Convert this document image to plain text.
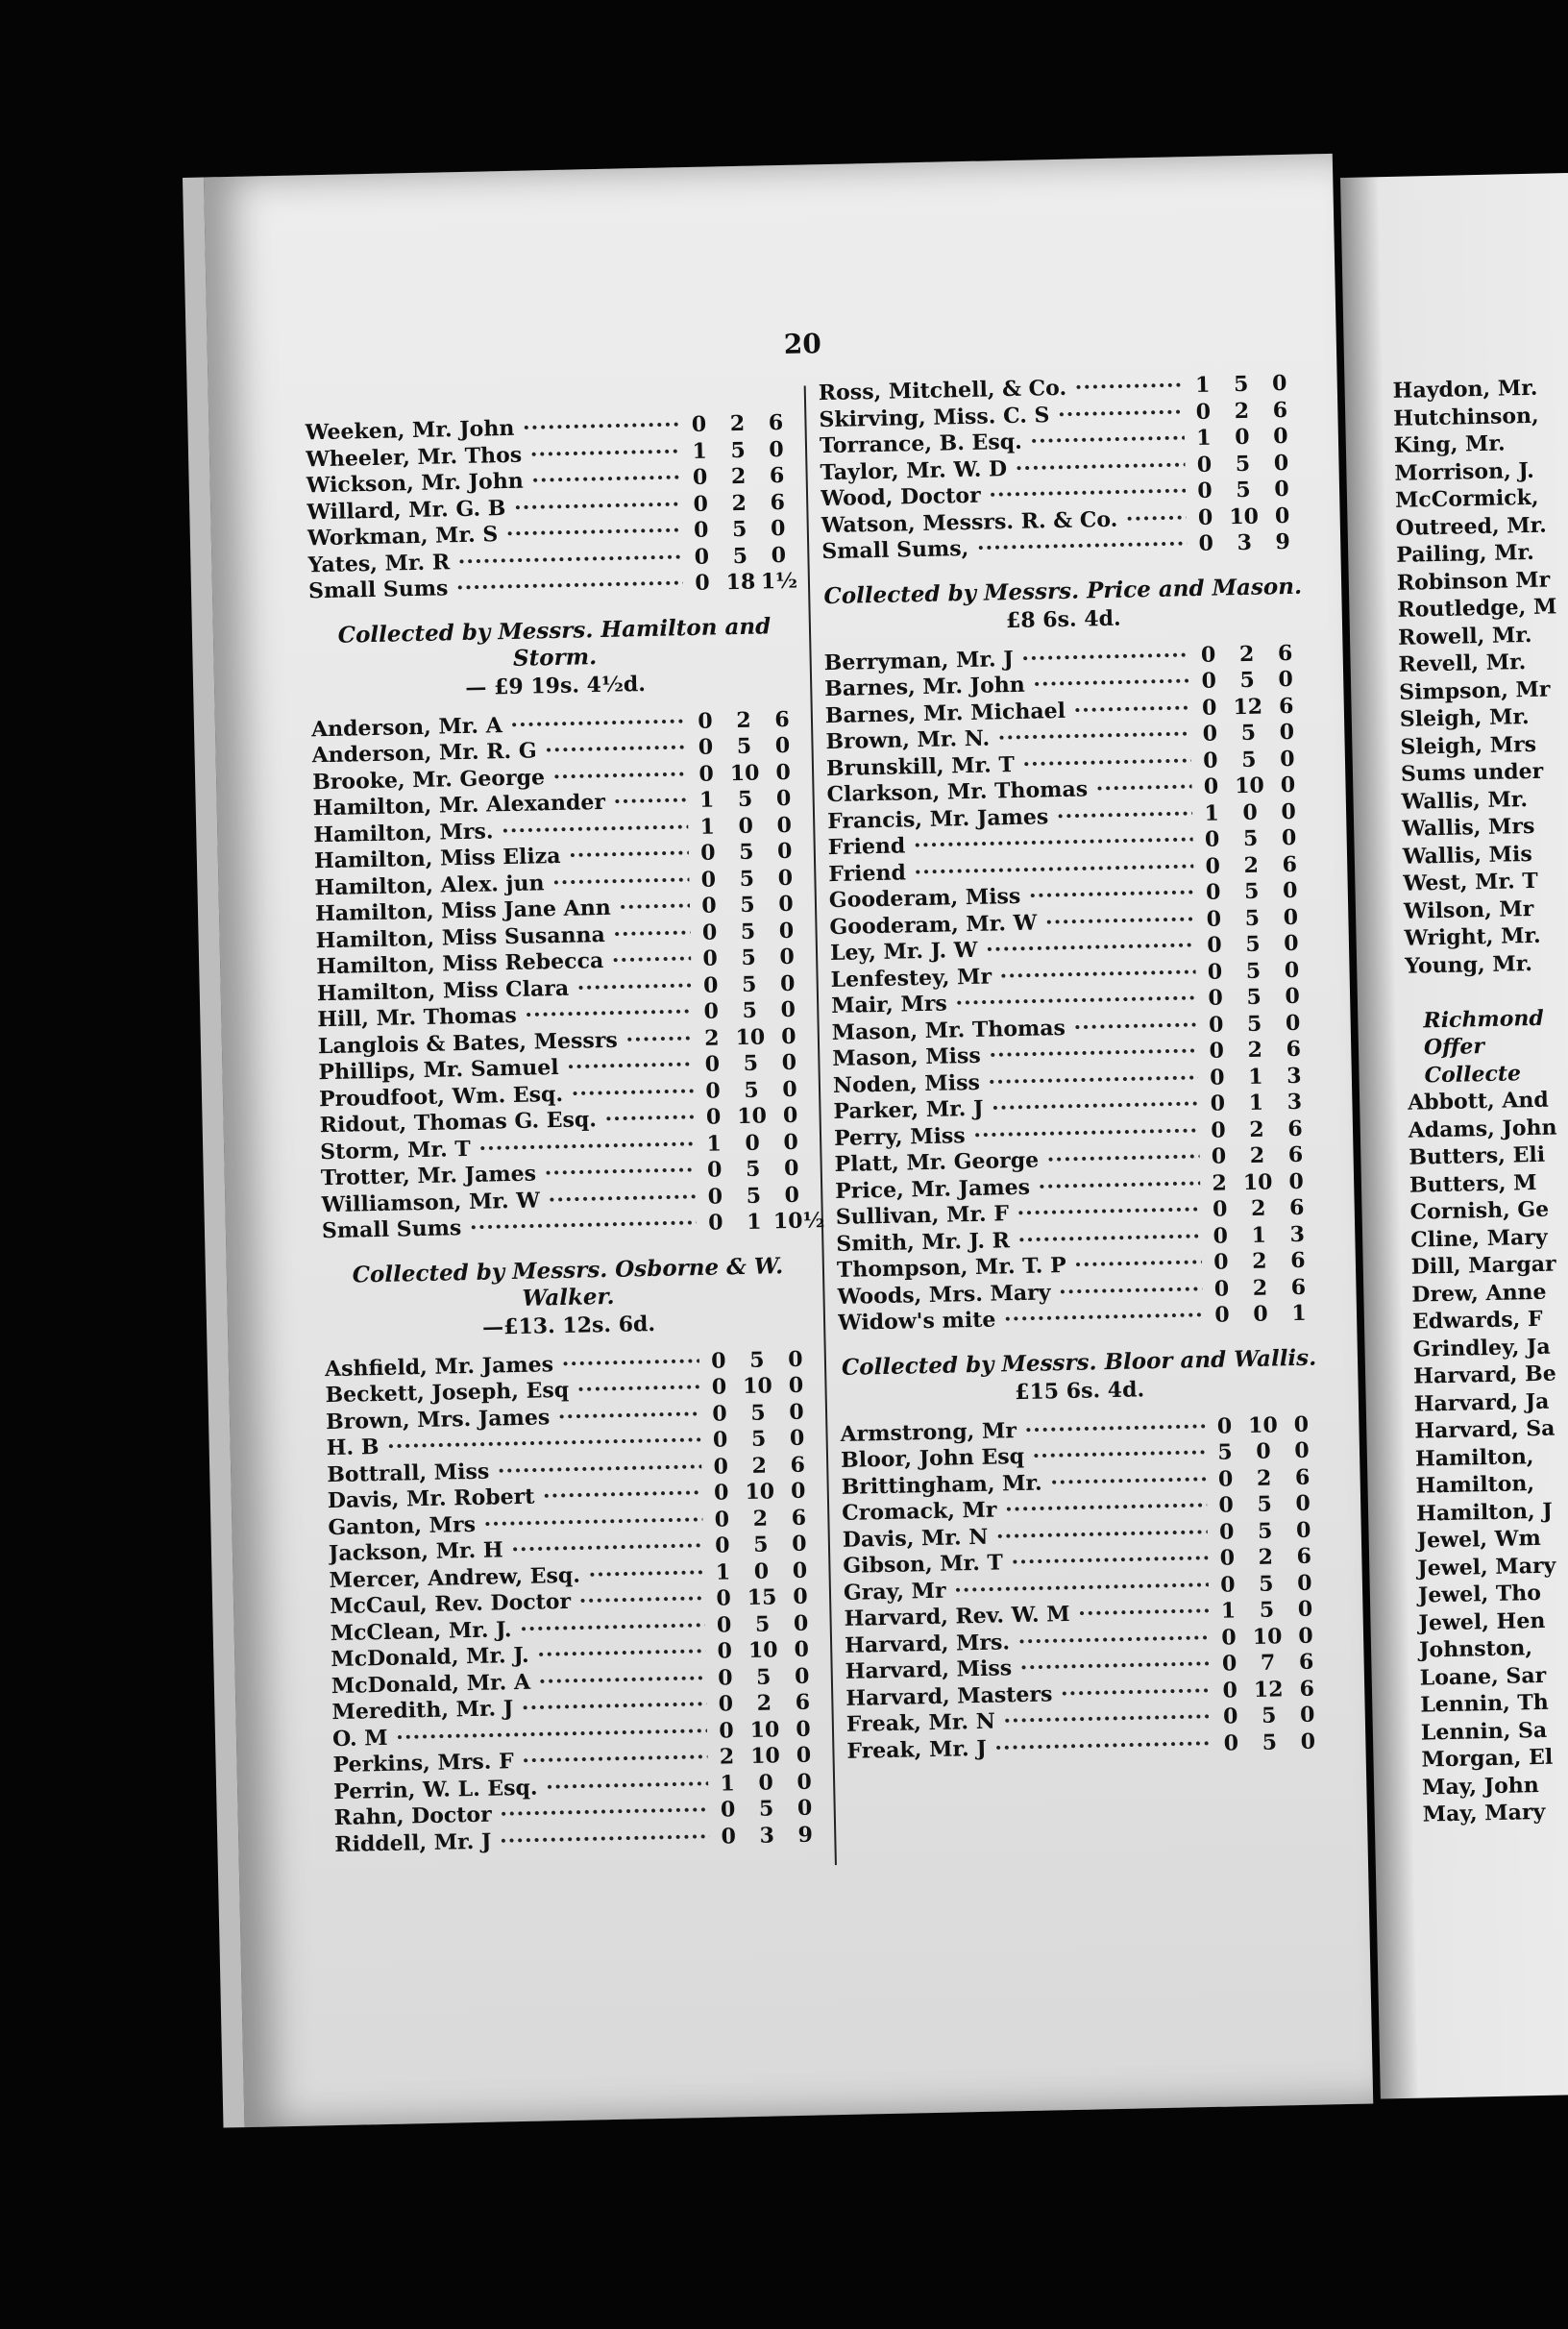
20
Weeken, Mr. John ·····	0	2	6
Wheeler, Mr. Thos ·····	1	5	0
Wickson, Mr. John ·····	0	2	6
Willard, Mr. G. B ·····	0	2	6
Workman, Mr. S ·····	0	5	0
Yates, Mr. R ·····	0	5	0
Small Sums ·····	0 18 1½
Collected by Messrs. Hamilton and Storm.
— £9 19s. 4½d.
Anderson, Mr. A ·····	0	2	6
Anderson, Mr. R. G ·····	0	5	0
Brooke, Mr. George ·····	0 10 0
Hamilton, Mr. Alexander ·····	1	5	0
Hamilton, Mrs. ·····	1	0	0
Hamilton, Miss Eliza ·····	0	5	0
Hamilton, Alex. jun ·····	0	5	0
Hamilton, Miss Jane Ann ·····	0	5	0
Hamilton, Miss Susanna ·····	0	5	0
Hamilton, Miss Rebecca ·····	0	5	0
Hamilton, Miss Clara ·····	0	5	0
Hill, Mr. Thomas ·····	0	5	0
Langlois & Bates, Messrs ·····	2 10 0
Phillips, Mr. Samuel ·····	0	5	0
Proudfoot, Wm. Esq. ·····	0	5	0
Ridout, Thomas G. Esq. ·····	0 10 0
Storm, Mr. T ·····	1	0	0
Trotter, Mr. James ·····	0	5	0
Williamson, Mr. W ·····	0	5	0
Small Sums ·····	0	1 10½
Collected by Messrs. Osborne & W. Walker.
—£13. 12s. 6d.
Ashfield, Mr. James ·····	0	5	0
Beckett, Joseph, Esq ·····	0 10 0
Brown, Mrs. James ·····	0	5	0
H. B ·····	0	5	0
Bottrall, Miss ·····	0	2	6
Davis, Mr. Robert ·····	0 10 0
Ganton, Mrs ·····	0	2	6
Jackson, Mr. H ·····	0	5	0
Mercer, Andrew, Esq. ·····	1	0	0
McCaul, Rev. Doctor ·····	0 15 0
McClean, Mr. J. ·····	0	5	0
McDonald, Mr. J. ·····	0 10 0
McDonald, Mr. A ·····	0	5	0
Meredith, Mr. J ·····	0	2	6
O. M ·····	0 10 0
Perkins, Mrs. F ·····	2 10 0
Perrin, W. L. Esq. ·····	1	0	0
Rahn, Doctor ·····	0	5	0
Riddell, Mr. J ·····	0	3	9
Ross, Mitchell, & Co. ·····	1	5	0
Skirving, Miss. C. S ·····	0	2	6
Torrance, B. Esq. ·····	1	0	0
Taylor, Mr. W. D ·····	0	5	0
Wood, Doctor ·····	0	5	0
Watson, Messrs. R. & Co. ·····	0 10 0
Small Sums, ·····	0	3	9
Collected by Messrs. Price and Mason.
£8 6s. 4d.
Berryman, Mr. J ·····	0	2	6
Barnes, Mr. John ·····	0	5	0
Barnes, Mr. Michael ·····	0 12 6
Brown, Mr. N. ·····	0	5	0
Brunskill, Mr. T ·····	0	5	0
Clarkson, Mr. Thomas ·····	0 10 0
Francis, Mr. James ·····	1	0	0
Friend ·····	0	5	0
Friend ·····	0	2	6
Gooderam, Miss ·····	0	5	0
Gooderam, Mr. W ·····	0	5	0
Ley, Mr. J. W ·····	0	5	0
Lenfestey, Mr ·····	0	5	0
Mair, Mrs ·····	0	5	0
Mason, Mr. Thomas ·····	0	5	0
Mason, Miss ·····	0	2	6
Noden, Miss ·····	0	1	3
Parker, Mr. J ·····	0	1	3
Perry, Miss ·····	0	2	6
Platt, Mr. George ·····	0	2	6
Price, Mr. James ·····	2 10 0
Sullivan, Mr. F ·····	0	2	6
Smith, Mr. J. R ·····	0	1	3
Thompson, Mr. T. P ·····	0	2	6
Woods, Mrs. Mary ·····	0	2	6
Widow's mite ·····	0	0	1
Collected by Messrs. Bloor and Wallis.
£15 6s. 4d.
Armstrong, Mr ·····	0 10 0
Bloor, John Esq ·····	5	0	0
Brittingham, Mr. ·····	0	2	6
Cromack, Mr ·····	0	5	0
Davis, Mr. N ·····	0	5	0
Gibson, Mr. T ·····	0	2	6
Gray, Mr ·····	0	5	0
Harvard, Rev. W. M ·····	1	5	0
Harvard, Mrs. ·····	0 10 0
Harvard, Miss ·····	0	7	6
Harvard, Masters ·····	0 12 6
Freak, Mr. N ·····	0	5	0
Freak, Mr. J ·····	0	5	0
Haydon, Mr.
Hutchinson,
King, Mr.
Morrison, J.
McCormick,
Outreed, Mr.
Pailing, Mr.
Robinson Mr
Routledge, M
Rowell, Mr.
Revell, Mr.
Simpson, Mr
Sleigh, Mr.
Sleigh, Mrs
Sums under
Wallis, Mr.
Wallis, Mrs
Wallis, Mis
West, Mr. T
Wilson, Mr
Wright, Mr.
Young, Mr.
Richmond
Offer
Collecte
Abbott, And
Adams, John
Butters, Eli
Butters, M
Cornish, Ge
Cline, Mary
Dill, Margar
Drew, Anne
Edwards, F
Grindley, Ja
Harvard, Be
Harvard, Ja
Harvard, Sa
Hamilton,
Hamilton,
Hamilton, J
Jewel, Wm
Jewel, Mary
Jewel, Tho
Jewel, Hen
Johnston,
Loane, Sar
Lennin, Th
Lennin, Sa
Morgan, El
May, John
May, Mary
